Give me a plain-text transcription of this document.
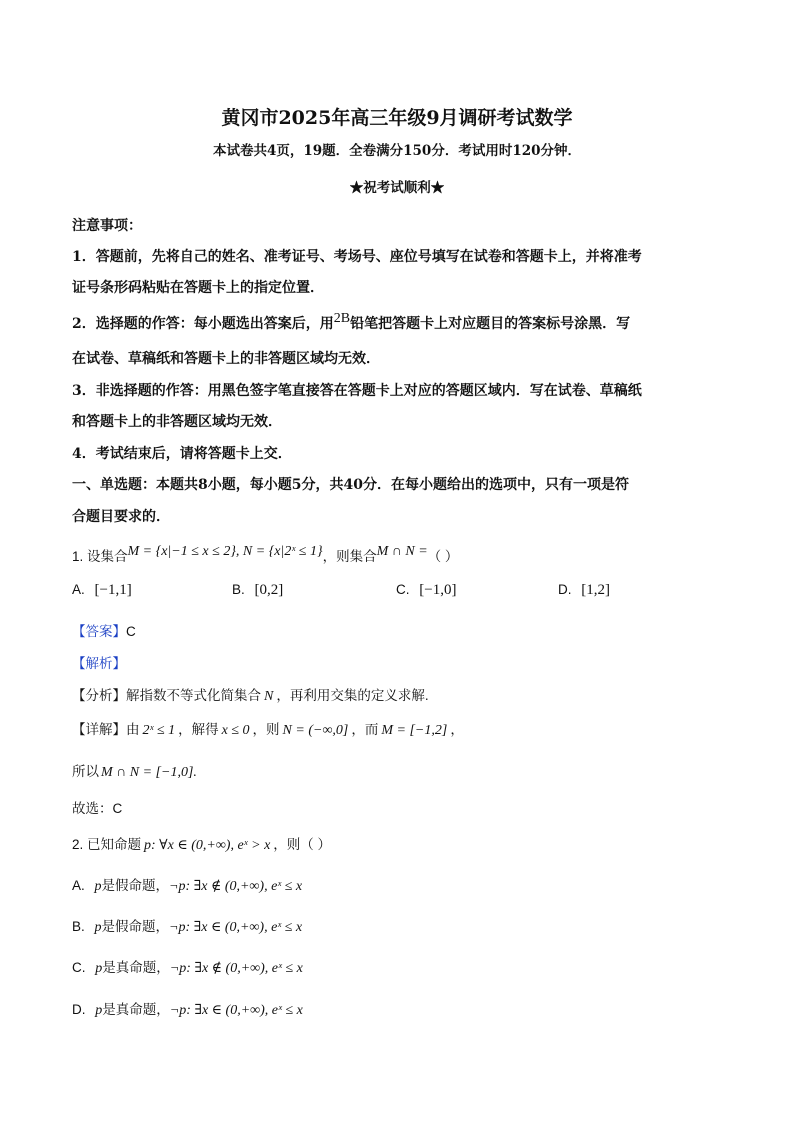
黄冈市2025年高三年级9月调研考试数学
本试卷共4页，19题．全卷满分150分．考试用时120分钟．
★祝考试顺利★
注意事项：
1．答题前，先将自己的姓名、准考证号、考场号、座位号填写在试卷和答题卡上，并将准考
证号条形码粘贴在答题卡上的指定位置．
2．选择题的作答：每小题选出答案后，用2B铅笔把答题卡上对应题目的答案标号涂黑．写
在试卷、草稿纸和答题卡上的非答题区域均无效．
3．非选择题的作答：用黑色签字笔直接答在答题卡上对应的答题区域内．写在试卷、草稿纸
和答题卡上的非答题区域均无效．
4．考试结束后，请将答题卡上交．
一、单选题：本题共8小题，每小题5分，共40分．在每小题给出的选项中，只有一项是符
合题目要求的．
1. 设集合M = {x|−1 ≤ x ≤ 2}, N = {x|2ˣ ≤ 1}，则集合M ∩ N =（ ）
A. [−1,1]	B. [0,2]	C. [−1,0]	D. [1,2]
【答案】C
【解析】
【分析】解指数不等式化简集合 N ，再利用交集的定义求解.
【详解】由 2ˣ ≤ 1 ，解得 x ≤ 0 ，则 N = (−∞,0] ，而 M = [−1,2] ，
所以 M ∩ N = [−1,0].
故选：C
2. 已知命题 p: ∀x ∈ (0,+∞), eˣ > x ，则（ ）
A. p是假命题，¬p: ∃x ∉ (0,+∞), eˣ ≤ x
B. p是假命题，¬p: ∃x ∈ (0,+∞), eˣ ≤ x
C. p是真命题，¬p: ∃x ∉ (0,+∞), eˣ ≤ x
D. p是真命题，¬p: ∃x ∈ (0,+∞), eˣ ≤ x
